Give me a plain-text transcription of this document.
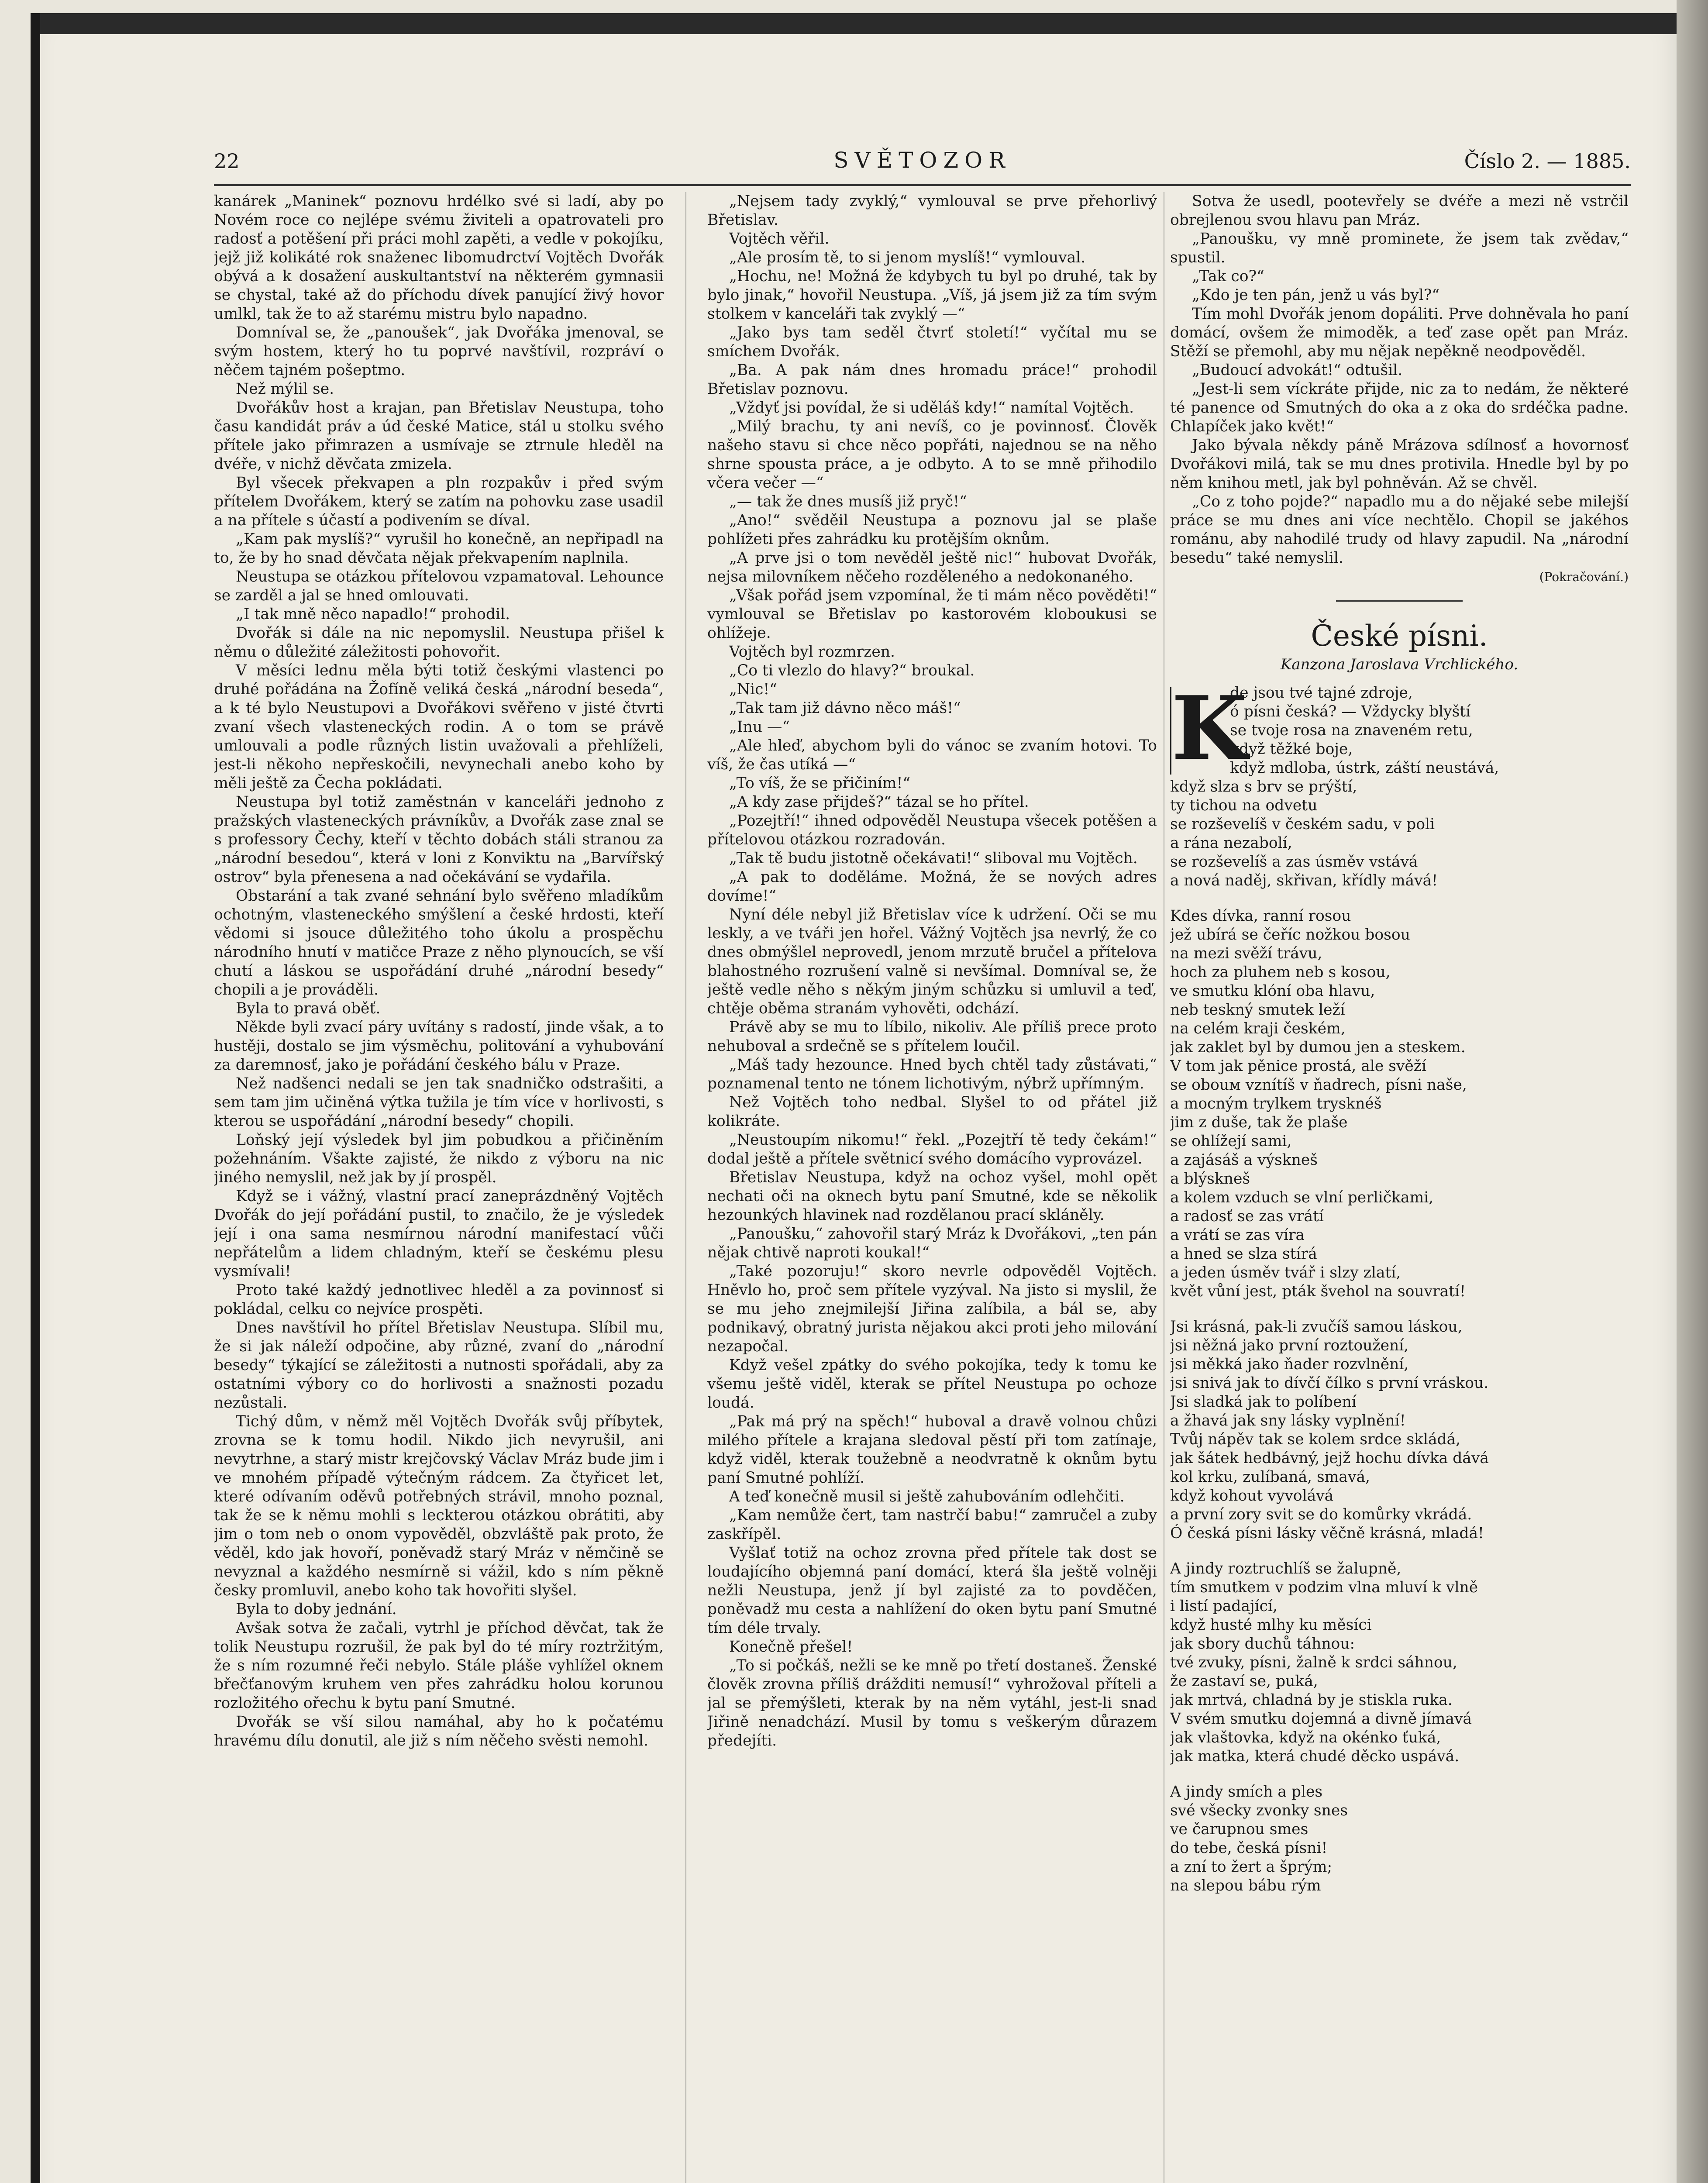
22	SVĚTOZOR	Číslo 2. — 1885.

kanárek „Maninek“ poznovu hrdélko své si ladí, aby po Novém roce co nejlépe svému živiteli a opatrovateli pro radosť a potěšení při práci mohl zapěti, a vedle v pokojíku, jejž již kolikáté rok snaženec libomudrctví Vojtěch Dvořák obývá a k dosažení auskultantství na některém gymnasii se chystal, také až do příchodu dívek panující živý hovor umlkl, tak že to až starému mistru bylo napadno.

Domníval se, že „panoušek“, jak Dvořáka jmenoval, se svým hostem, který ho tu poprvé navštívil, rozpráví o něčem tajném pošeptmo.

Než mýlil se.

Dvořákův host a krajan, pan Břetislav Neustupa, toho času kandidát práv a úd české Matice, stál u stolku svého přítele jako přimrazen a usmívaje se ztrnule hleděl na dvéře, v nichž děvčata zmizela.

Byl všecek překvapen a pln rozpakův i před svým přítelem Dvořákem, který se zatím na pohovku zase usadil a na přítele s účastí a podivením se díval.

„Kam pak myslíš?“ vyrušil ho konečně, an nepřipadl na to, že by ho snad děvčata nějak překvapením naplnila.

Neustupa se otázkou přítelovou vzpamatoval. Lehounce se zarděl a jal se hned omlouvati.

„I tak mně něco napadlo!“ prohodil.

Dvořák si dále na nic nepomyslil. Neustupa přišel k němu o důležité záležitosti pohovořit.

V měsíci lednu měla býti totiž českými vlastenci po druhé pořádána na Žofíně veliká česká „národní beseda“, a k té bylo Neustupovi a Dvořákovi svěřeno v jisté čtvrti zvaní všech vlasteneckých rodin. A o tom se právě umlouvali a podle různých listin uvažovali a přehlíželi, jest-li někoho nepřeskočili, nevynechali anebo koho by měli ještě za Čecha pokládati.

Neustupa byl totiž zaměstnán v kanceláři jednoho z pražských vlasteneckých právníkův, a Dvořák zase znal se s professory Čechy, kteří v těchto dobách stáli stranou za „národní besedou“, která v loni z Konviktu na „Barvířský ostrov“ byla přenesena a nad očekávání se vydařila.

Obstarání a tak zvané sehnání bylo svěřeno mladíkům ochotným, vlasteneckého smýšlení a české hrdosti, kteří vědomi si jsouce důležitého toho úkolu a prospěchu národního hnutí v matičce Praze z něho plynoucích, se vší chutí a láskou se uspořádání druhé „národní besedy“ chopili a je prováděli.

Byla to pravá oběť.

Někde byli zvací páry uvítány s radostí, jinde však, a to hustěji, dostalo se jim výsměchu, politování a vyhubování za daremnosť, jako je pořádání českého bálu v Praze.

Než nadšenci nedali se jen tak snadničko odstrašiti, a sem tam jim učiněná výtka tužila je tím více v horlivosti, s kterou se uspořádání „národní besedy“ chopili.

Loňský její výsledek byl jim pobudkou a přičiněním požehnáním. Všakte zajisté, že nikdo z výboru na nic jiného nemyslil, než jak by jí prospěl.

Když se i vážný, vlastní prací zaneprázdněný Vojtěch Dvořák do její pořádání pustil, to značilo, že je výsledek její i ona sama nesmírnou národní manifestací vůči nepřátelům a lidem chladným, kteří se českému plesu vysmívali!

Proto také každý jednotlivec hleděl a za povinnosť si pokládal, celku co nejvíce prospěti.

Dnes navštívil ho přítel Břetislav Neustupa. Slíbil mu, že si jak náleží odpočine, aby různé, zvaní do „národní besedy“ týkající se záležitosti a nutnosti spořádali, aby za ostatními výbory co do horlivosti a snažnosti pozadu nezůstali.

Tichý dům, v němž měl Vojtěch Dvořák svůj příbytek, zrovna se k tomu hodil. Nikdo jich nevyrušil, ani nevytrhne, a starý mistr krejčovský Václav Mráz bude jim i ve mnohém případě výtečným rádcem. Za čtyřicet let, které odívaním oděvů potřebných strávil, mnoho poznal, tak že se k němu mohli s leckterou otázkou obrátiti, aby jim o tom neb o onom vypověděl, obzvláště pak proto, že věděl, kdo jak hovoří, poněvadž starý Mráz v němčině se nevyznal a každého nesmírně si vážil, kdo s ním pěkně česky promluvil, anebo koho tak hovořiti slyšel.

Byla to doby jednání.

Avšak sotva že začali, vytrhl je příchod děvčat, tak že tolik Neustupu rozrušil, že pak byl do té míry roztržitým, že s ním rozumné řeči nebylo. Stále pláše vyhlížel oknem břečťanovým kruhem ven přes zahrádku holou korunou rozložitého ořechu k bytu paní Smutné.

Dvořák se vší silou namáhal, aby ho k počatému hravému dílu donutil, ale již s ním něčeho svěsti nemohl.

„Nejsem tady zvyklý,“ vymlouval se prve přehorlivý Břetislav.

Vojtěch věřil.

„Ale prosím tě, to si jenom myslíš!“ vymlouval.

„Hochu, ne! Možná že kdybych tu byl po druhé, tak by bylo jinak,“ hovořil Neustupa. „Víš, já jsem již za tím svým stolkem v kanceláři tak zvyklý —“

„Jako bys tam seděl čtvrť století!“ vyčítal mu se smíchem Dvořák.

„Ba. A pak nám dnes hromadu práce!“ prohodil Břetislav poznovu.

„Vždyť jsi povídal, že si uděláš kdy!“ namítal Vojtěch.

„Milý brachu, ty ani nevíš, co je povinnosť. Člověk našeho stavu si chce něco popřáti, najednou se na něho shrne spousta práce, a je odbyto. A to se mně přihodilo včera večer —“

„— tak že dnes musíš již pryč!“

„Ano!“ svěděil Neustupa a poznovu jal se plaše pohlížeti přes zahrádku ku protějším oknům.

„A prve jsi o tom nevěděl ještě nic!“ hubovat Dvořák, nejsa milovníkem něčeho rozděleného a nedokonaného.

„Však pořád jsem vzpomínal, že ti mám něco pověděti!“ vymlouval se Břetislav po kastorovém kloboukusi se ohlížeje.

Vojtěch byl rozmrzen.

„Co ti vlezlo do hlavy?“ broukal.

„Nic!“

„Tak tam již dávno něco máš!“

„Inu —“

„Ale hleď, abychom byli do vánoc se zvaním hotovi. To víš, že čas utíká —“

„To víš, že se přičiním!“

„A kdy zase přijdeš?“ tázal se ho přítel.

„Pozejtří!“ ihned odpověděl Neustupa všecek potěšen a přítelovou otázkou rozradován.

„Tak tě budu jistotně očekávati!“ sliboval mu Vojtěch.

„A pak to doděláme. Možná, že se nových adres dovíme!“

Nyní déle nebyl již Břetislav více k udržení. Oči se mu leskly, a ve tváři jen hořel. Vážný Vojtěch jsa nevrlý, že co dnes obmýšlel neprovedl, jenom mrzutě bručel a přítelova blahostného rozrušení valně si nevšímal. Domníval se, že ještě vedle něho s někým jiným schůzku si umluvil a teď, chtěje oběma stranám vyhověti, odchází.

Právě aby se mu to líbilo, nikoliv. Ale příliš prece proto nehuboval a srdečně se s přítelem loučil.

„Máš tady hezounce. Hned bych chtěl tady zůstávati,“ poznamenal tento ne tónem lichotivým, nýbrž upřímným.

Než Vojtěch toho nedbal. Slyšel to od přátel již kolikráte.

„Neustoupím nikomu!“ řekl. „Pozejtří tě tedy čekám!“ dodal ještě a přítele světnicí svého domácího vyprovázel.

Břetislav Neustupa, když na ochoz vyšel, mohl opět nechati oči na oknech bytu paní Smutné, kde se několik hezounkých hlavinek nad rozdělanou prací skláněly.

„Panoušku,“ zahovořil starý Mráz k Dvořákovi, „ten pán nějak chtivě naproti koukal!“

„Také pozoruju!“ skoro nevrle odpověděl Vojtěch. Hněvlo ho, proč sem přítele vyzýval. Na jisto si myslil, že se mu jeho znejmilejší Jiřina zalíbila, a bál se, aby podnikavý, obratný jurista nějakou akci proti jeho milování nezapočal.

Když vešel zpátky do svého pokojíka, tedy k tomu ke všemu ještě viděl, kterak se přítel Neustupa po ochoze loudá.

„Pak má prý na spěch!“ huboval a dravě volnou chůzi milého přítele a krajana sledoval pěstí při tom zatínaje, když viděl, kterak toužebně a neodvratně k oknům bytu paní Smutné pohlíží.

A teď konečně musil si ještě zahubováním odlehčiti.

„Kam nemůže čert, tam nastrčí babu!“ zamručel a zuby zaskřípěl.

Vyšlať totiž na ochoz zrovna před přítele tak dost se loudajícího objemná paní domácí, která šla ještě volněji nežli Neustupa, jenž jí byl zajisté za to povděčen, poněvadž mu cesta a nahlížení do oken bytu paní Smutné tím déle trvaly.

Konečně přešel!

„To si počkáš, nežli se ke mně po třetí dostaneš. Ženské člověk zrovna příliš drážditi nemusí!“ vyhrožoval příteli a jal se přemýšleti, kterak by na něm vytáhl, jest-li snad Jiřině nenadchází. Musil by tomu s veškerým důrazem předejíti.

Sotva že usedl, pootevřely se dvéře a mezi ně vstrčil obrejlenou svou hlavu pan Mráz.

„Panoušku, vy mně prominete, že jsem tak zvědav,“ spustil.

„Tak co?“

„Kdo je ten pán, jenž u vás byl?“

Tím mohl Dvořák jenom dopáliti. Prve dohněvala ho paní domácí, ovšem že mimoděk, a teď zase opět pan Mráz. Stěží se přemohl, aby mu nějak nepěkně neodpověděl.

„Budoucí advokát!“ odtušil.

„Jest-li sem víckráte přijde, nic za to nedám, že některé té panence od Smutných do oka a z oka do srdéčka padne. Chlapíček jako květ!“

Jako bývala někdy páně Mrázova sdílnosť a hovornosť Dvořákovi milá, tak se mu dnes protivila. Hnedle byl by po něm knihou metl, jak byl pohněván. Až se chvěl.

„Co z toho pojde?“ napadlo mu a do nějaké sebe milejší práce se mu dnes ani více nechtělo. Chopil se jakéhos románu, aby nahodilé trudy od hlavy zapudil. Na „národní besedu“ také nemyslil.

(Pokračování.)

České písni.
Kanzona Jaroslava Vrchlického.
K

de jsou tvé tajné zdroje,

ó písni česká? — Vždycky blyští

se tvoje rosa na znaveném retu,

když těžké boje,

když mdloba, ústrk, záští neustává,

když slza s brv se prýští,

ty tichou na odvetu

se rozševelíš v českém sadu, v poli

a rána nezabolí,

se rozševelíš a zas úsměv vstává

a nová naděj, skřivan, křídly mává!

Kdes dívka, ranní rosou

jež ubírá se čeříc nožkou bosou

na mezi svěží trávu,

hoch za pluhem neb s kosou,

ve smutku klóní oba hlavu,

neb teskný smutek leží

na celém kraji českém,

jak zaklet byl by dumou jen a steskem.

V tom jak pěnice prostá, ale svěží

se obouм vznítíš v ňadrech, písni naše,

a mocným trylkem trysknéš

jim z duše, tak že plaše

se ohlížejí sami,

a zajásáš a výskneš

a blýskneš

a kolem vzduch se vlní perličkami,

a radosť se zas vrátí

a vrátí se zas víra

a hned se slza stírá

a jeden úsměv tvář i slzy zlatí,

květ vůní jest, pták švehol na souvratí!

Jsi krásná, pak-li zvučíš samou láskou,

jsi něžná jako první roztoužení,

jsi měkká jako ňader rozvlnění,

jsi snivá jak to dívčí čílko s první vráskou.

Jsi sladká jak to políbení

a žhavá jak sny lásky vyplnění!

Tvůj nápěv tak se kolem srdce skládá,

jak šátek hedbávný, jejž hochu dívka dává

kol krku, zulíbaná, smavá,

když kohout vyvolává

a první zory svit se do komůrky vkrádá.

Ó česká písni lásky věčně krásná, mladá!

A jindy roztruchlíš se žalupně,

tím smutkem v podzim vlna mluví k vlně

i listí padající,

když husté mlhy ku měsíci

jak sbory duchů táhnou:

tvé zvuky, písni, žalně k srdci sáhnou,

že zastaví se, puká,

jak mrtvá, chladná by je stiskla ruka.

V svém smutku dojemná a divně jímavá

jak vlaštovka, když na okénko ťuká,

jak matka, která chudé děcko uspává.

A jindy smích a ples

své všecky zvonky snes

ve čarupnou smes

do tebe, česká písni!

a zní to žert a šprým;

na slepou bábu rým
